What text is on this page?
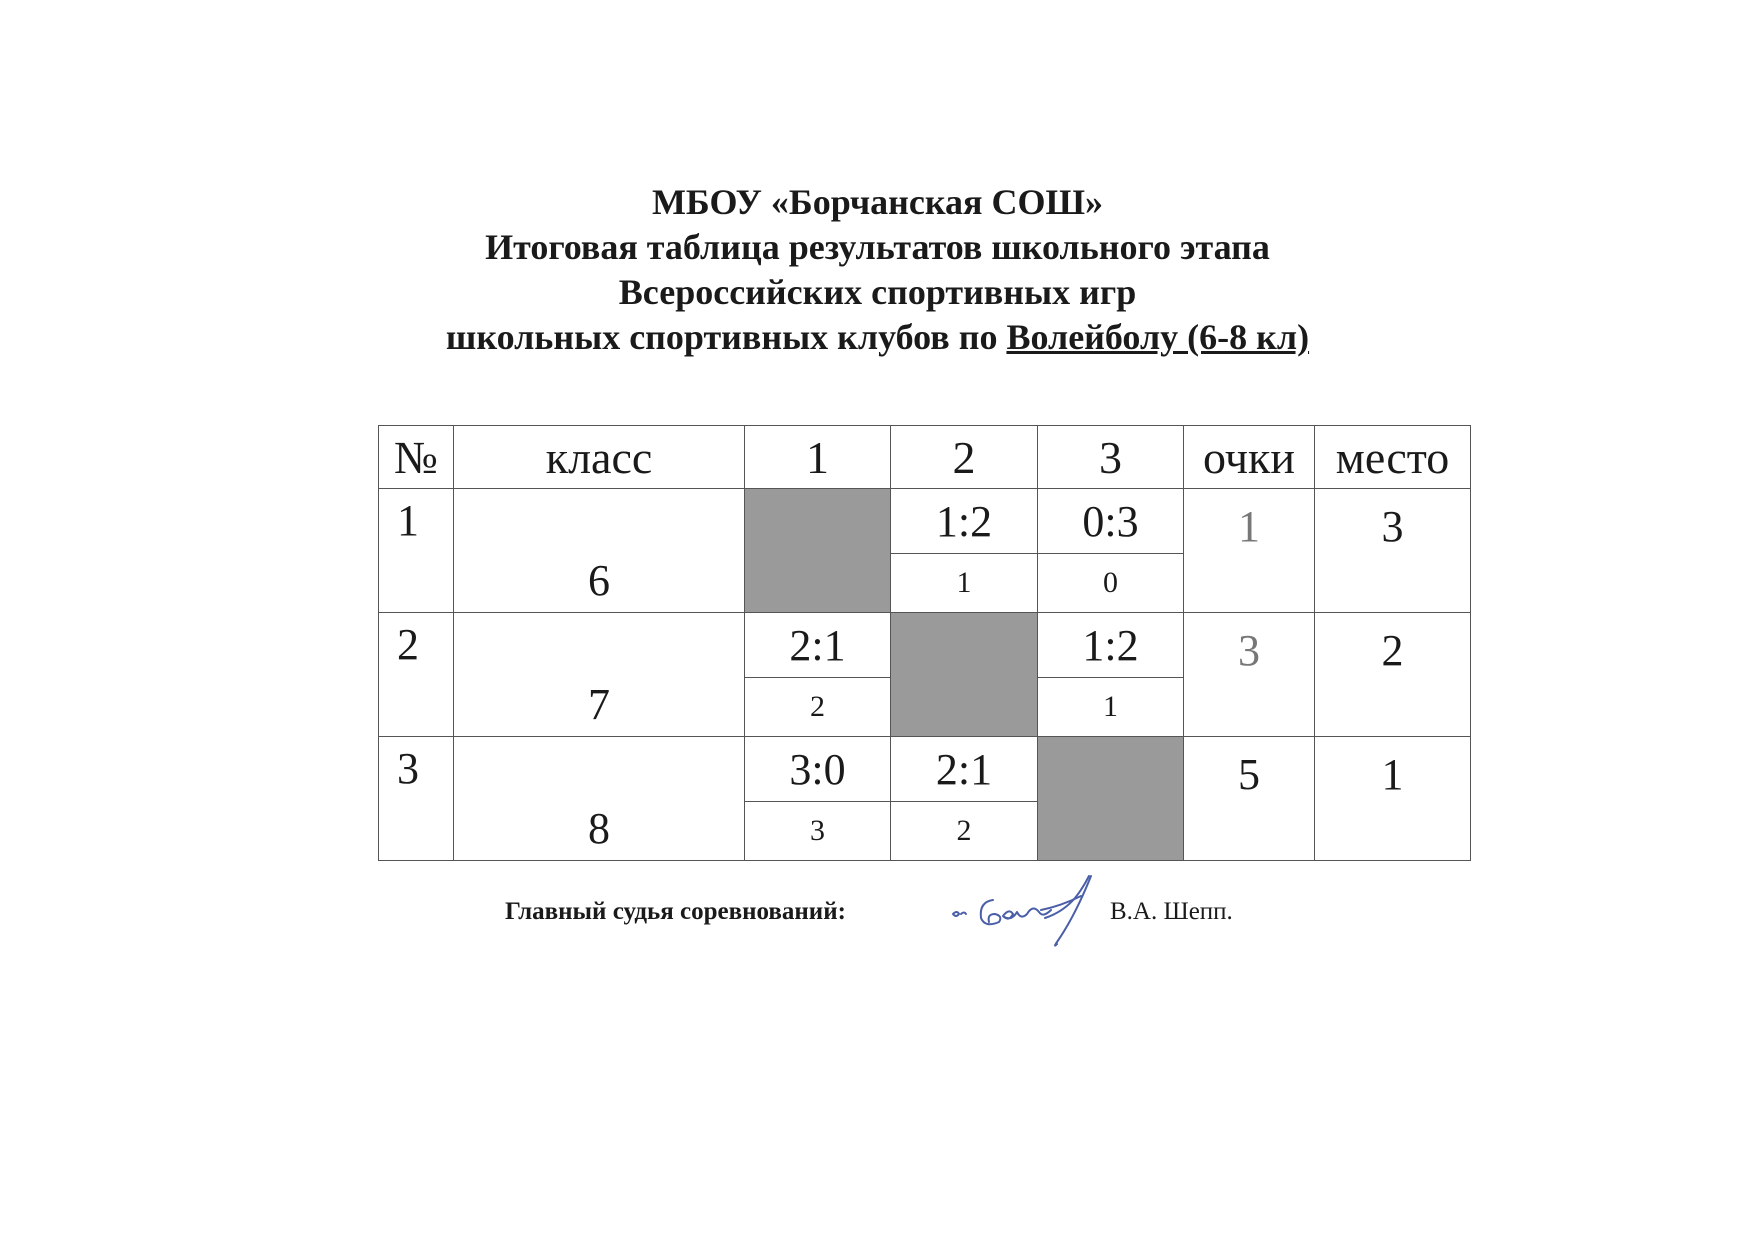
МБОУ «Борчанская СОШ»
Итоговая таблица результатов школьного этапа
Всероссийских спортивных игр
школьных спортивных клубов по Волейболу (6-8 кл)
№	класс	1	2	3	очки	место
1	6		1:2	0:3	1	3
			1	0		
2	7	2:1		1:2	3	2
		2		1		
3	8	3:0	2:1		5	1
		3	2			
Главный судья соревнований:	В.А. Шепп.
